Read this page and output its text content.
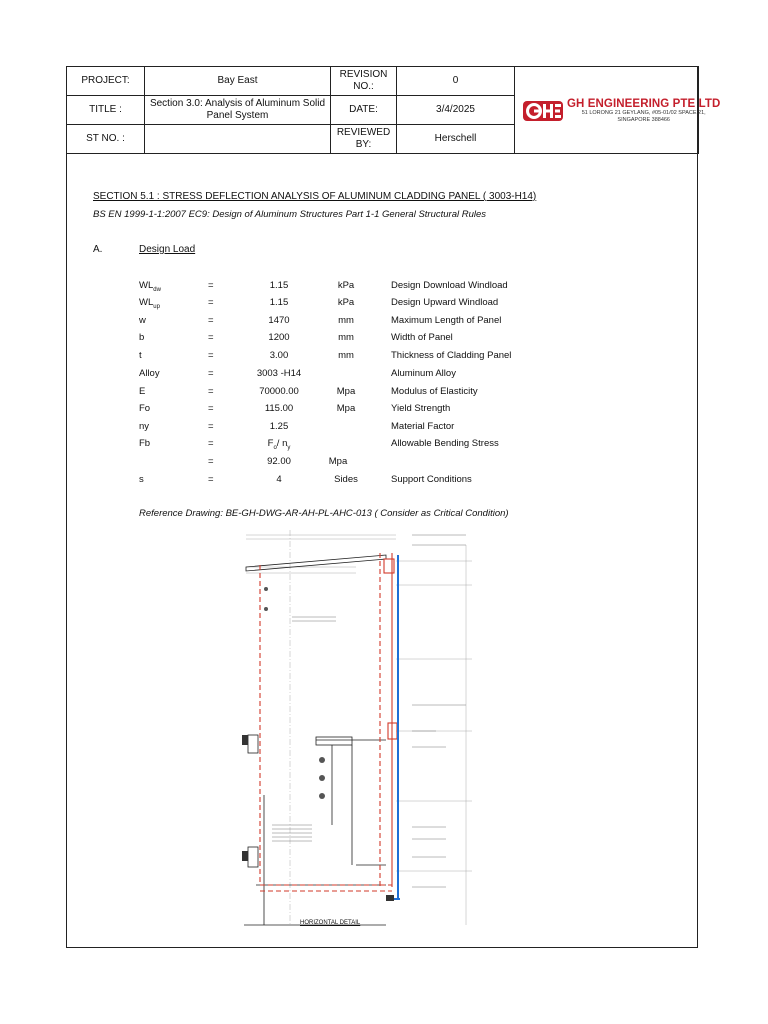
PROJECT:	Bay East	REVISION NO.:	0	GH ENGINEERING PTE LTD
51 LORONG 21 GEYLANG, #05-01/02 SPACE 21,
SINGAPORE 388466

TITLE :	Section 3.0: Analysis of Aluminum Solid Panel System	DATE:	3/4/2025	
ST NO. :		REVIEWED BY:	Herschell	
SECTION 5.1 : STRESS DEFLECTION ANALYSIS OF ALUMINUM CLADDING PANEL ( 3003-H14)
BS EN 1999-1-1:2007 EC9: Design of Aluminum Structures Part 1-1 General Structural Rules
A.	Design Load
$WL_{dw}$	=	1.15	kPa	Design Download Windload
$WL_{up}$	=	1.15	kPa	Design Upward Windload
w	=	1470	mm	Maximum Length of Panel
b	=	1200	mm	Width of Panel
t	=	3.00	mm	Thickness of Cladding Panel
Alloy	=	3003 -H14	Aluminum Alloy
E	=	70000.00	Mpa	Modulus of Elasticity
Fo	=	115.00	Mpa	Yield Strength
ny	=	1.25	Material Factor
Fb	=	$F_o/$ $n_y$	Allowable Bending Stress
=	92.00	Mpa
s	=	4	Sides	Support Conditions
Reference Drawing: BE-GH-DWG-AR-AH-PL-AHC-013 ( Consider as Critical Condition)
HORIZONTAL DETAIL
